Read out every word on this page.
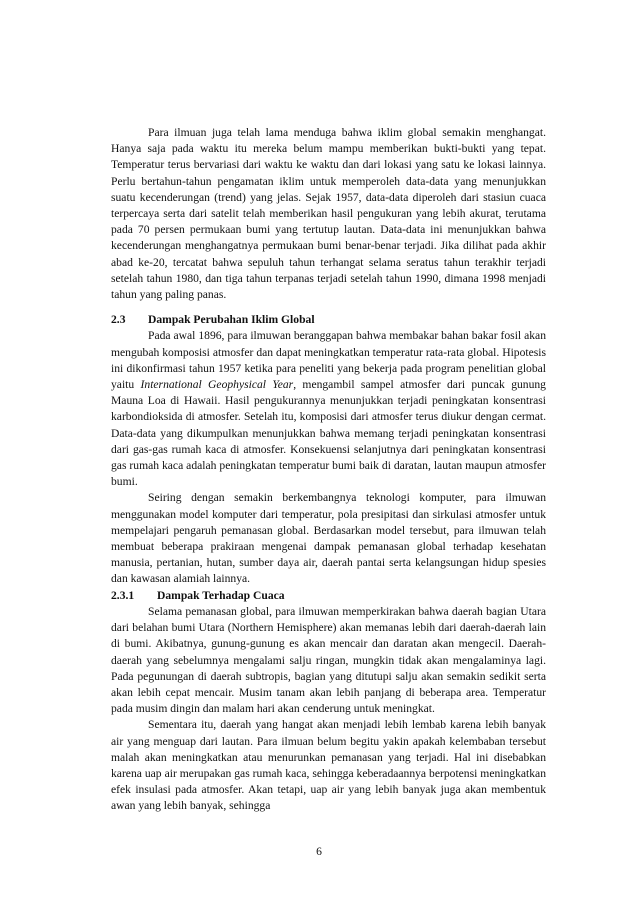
Para ilmuan juga telah lama menduga bahwa iklim global semakin menghangat. Hanya saja pada waktu itu mereka belum mampu memberikan bukti-bukti yang tepat. Temperatur terus bervariasi dari waktu ke waktu dan dari lokasi yang satu ke lokasi lainnya. Perlu bertahun-tahun pengamatan iklim untuk memperoleh data-data yang menunjukkan suatu kecenderungan (trend) yang jelas. Sejak 1957, data-data diperoleh dari stasiun cuaca terpercaya serta dari satelit telah memberikan hasil pengukuran yang lebih akurat, terutama pada 70 persen permukaan bumi yang tertutup lautan. Data-data ini menunjukkan bahwa kecenderungan menghangatnya permukaan bumi benar-benar terjadi. Jika dilihat pada akhir abad ke-20, tercatat bahwa sepuluh tahun terhangat selama seratus tahun terakhir terjadi setelah tahun 1980, dan tiga tahun terpanas terjadi setelah tahun 1990, dimana 1998 menjadi tahun yang paling panas.

2.3 Dampak Perubahan Iklim Global

Pada awal 1896, para ilmuwan beranggapan bahwa membakar bahan bakar fosil akan mengubah komposisi atmosfer dan dapat meningkatkan temperatur rata-rata global. Hipotesis ini dikonfirmasi tahun 1957 ketika para peneliti yang bekerja pada program penelitian global yaitu International Geophysical Year, mengambil sampel atmosfer dari puncak gunung Mauna Loa di Hawaii. Hasil pengukurannya menunjukkan terjadi peningkatan konsentrasi karbondioksida di atmosfer. Setelah itu, komposisi dari atmosfer terus diukur dengan cermat. Data-data yang dikumpulkan menunjukkan bahwa memang terjadi peningkatan konsentrasi dari gas-gas rumah kaca di atmosfer. Konsekuensi selanjutnya dari peningkatan konsentrasi gas rumah kaca adalah peningkatan temperatur bumi baik di daratan, lautan maupun atmosfer bumi.

Seiring dengan semakin berkembangnya teknologi komputer, para ilmuwan menggunakan model komputer dari temperatur, pola presipitasi dan sirkulasi atmosfer untuk mempelajari pengaruh pemanasan global. Berdasarkan model tersebut, para ilmuwan telah membuat beberapa prakiraan mengenai dampak pemanasan global terhadap kesehatan manusia, pertanian, hutan, sumber daya air, daerah pantai serta kelangsungan hidup spesies dan kawasan alamiah lainnya.

2.3.1 Dampak Terhadap Cuaca

Selama pemanasan global, para ilmuwan memperkirakan bahwa daerah bagian Utara dari belahan bumi Utara (Northern Hemisphere) akan memanas lebih dari daerah-daerah lain di bumi. Akibatnya, gunung-gunung es akan mencair dan daratan akan mengecil. Daerah-daerah yang sebelumnya mengalami salju ringan, mungkin tidak akan mengalaminya lagi. Pada pegunungan di daerah subtropis, bagian yang ditutupi salju akan semakin sedikit serta akan lebih cepat mencair. Musim tanam akan lebih panjang di beberapa area. Temperatur pada musim dingin dan malam hari akan cenderung untuk meningkat.

Sementara itu, daerah yang hangat akan menjadi lebih lembab karena lebih banyak air yang menguap dari lautan. Para ilmuan belum begitu yakin apakah kelembaban tersebut malah akan meningkatkan atau menurunkan pemanasan yang terjadi. Hal ini disebabkan karena uap air merupakan gas rumah kaca, sehingga keberadaannya berpotensi meningkatkan efek insulasi pada atmosfer. Akan tetapi, uap air yang lebih banyak juga akan membentuk awan yang lebih banyak, sehingga

6
